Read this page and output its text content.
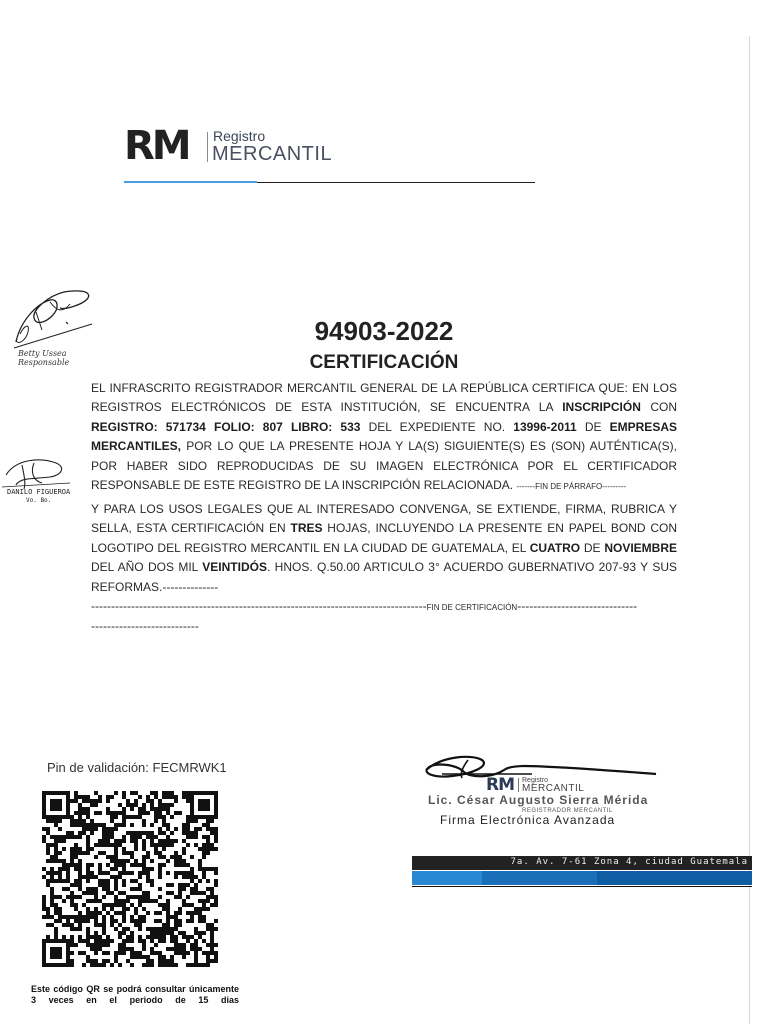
RM Registro
MERCANTIL
Betty Ussea
Responsable
DANILO FIGUEROA
Vo. Bo.
94903-2022
CERTIFICACIÓN
EL INFRASCRITO REGISTRADOR MERCANTIL GENERAL DE LA REPÚBLICA CERTIFICA QUE: EN LOS REGISTROS ELECTRÓNICOS DE ESTA INSTITUCIÓN, SE ENCUENTRA LA INSCRIPCIÓN CON REGISTRO: 571734 FOLIO: 807 LIBRO: 533 DEL EXPEDIENTE NO. 13996-2011 DE EMPRESAS MERCANTILES, POR LO QUE LA PRESENTE HOJA Y LA(S) SIGUIENTE(S) ES (SON) AUTÉNTICA(S), POR HABER SIDO REPRODUCIDAS DE SU IMAGEN ELECTRÓNICA POR EL CERTIFICADOR RESPONSABLE DE ESTE REGISTRO DE LA INSCRIPCIÓN RELACIONADA. -------FIN DE PÁRRAFO---------
Y PARA LOS USOS LEGALES QUE AL INTERESADO CONVENGA, SE EXTIENDE, FIRMA, RUBRICA Y SELLA, ESTA CERTIFICACIÓN EN TRES HOJAS, INCLUYENDO LA PRESENTE EN PAPEL BOND CON LOGOTIPO DEL REGISTRO MERCANTIL EN LA CIUDAD DE GUATEMALA, EL CUATRO DE NOVIEMBRE DEL AÑO DOS MIL VEINTIDÓS. HNOS. Q.50.00 ARTICULO 3° ACUERDO GUBERNATIVO 207-93 Y SUS REFORMAS.--------------
------------------------------------------------------------------------------------FIN DE CERTIFICACIÓN------------------------------
---------------------------
Pin de validación: FECMRWK1
Este código QR se podrá consultar únicamente 3 veces en el periodo de 15 dias
RM Registro
MERCANTIL
Lic. César Augusto Sierra Mérida
REGISTRADOR MERCANTIL
Firma Electrónica Avanzada
7a. Av. 7-61 Zona 4, ciudad Guatemala
